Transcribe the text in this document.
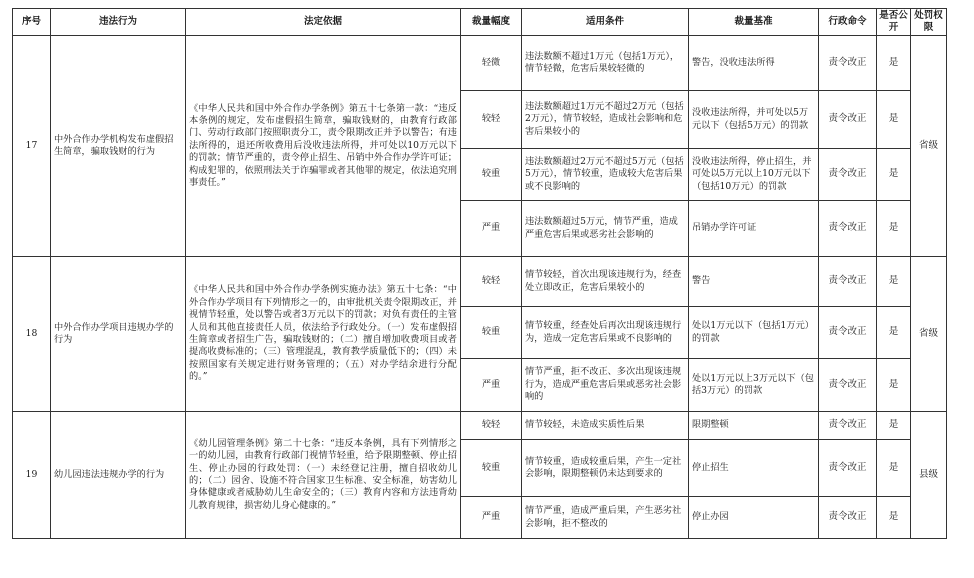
序号	违法行为	法定依据	裁量幅度	适用条件	裁量基准	行政命令	是否公开	处罚权限
17	中外合作办学机构发布虚假招生简章，骗取钱财的行为	《中华人民共和国中外合作办学条例》第五十七条第一款：“违反本条例的规定，发布虚假招生简章，骗取钱财的，由教育行政部门、劳动行政部门按照职责分工，责令限期改正并予以警告；有违法所得的，退还所收费用后没收违法所得，并可处以10万元以下的罚款；情节严重的，责令停止招生、吊销中外合作办学许可证；构成犯罪的，依照刑法关于诈骗罪或者其他罪的规定，依法追究刑事责任。”	轻微	违法数额不超过1万元（包括1万元），情节轻微，危害后果较轻微的	警告，没收违法所得	责令改正	是	省级
			较轻	违法数额超过1万元不超过2万元（包括2万元），情节较轻，造成社会影响和危害后果较小的	没收违法所得，并可处以5万元以下（包括5万元）的罚款	责令改正	是	
			较重	违法数额超过2万元不超过5万元（包括5万元），情节较重，造成较大危害后果或不良影响的	没收违法所得，停止招生，并可处以5万元以上10万元以下（包括10万元）的罚款	责令改正	是	
			严重	违法数额超过5万元，情节严重，造成严重危害后果或恶劣社会影响的	吊销办学许可证	责令改正	是	
18	中外合作办学项目违规办学的行为	《中华人民共和国中外合作办学条例实施办法》第五十七条：“中外合作办学项目有下列情形之一的，由审批机关责令限期改正，并视情节轻重，处以警告或者3万元以下的罚款；对负有责任的主管人员和其他直接责任人员，依法给予行政处分。（一）发布虚假招生简章或者招生广告，骗取钱财的；（二）擅自增加收费项目或者提高收费标准的；（三）管理混乱，教育教学质量低下的；（四）未按照国家有关规定进行财务管理的；（五）对办学结余进行分配的。”	较轻	情节较轻，首次出现该违规行为，经查处立即改正，危害后果较小的	警告	责令改正	是	省级
			较重	情节较重，经查处后再次出现该违规行为，造成一定危害后果或不良影响的	处以1万元以下（包括1万元）的罚款	责令改正	是	
			严重	情节严重，拒不改正、多次出现该违规行为，造成严重危害后果或恶劣社会影响的	处以1万元以上3万元以下（包括3万元）的罚款	责令改正	是	
19	幼儿园违法违规办学的行为	《幼儿园管理条例》第二十七条：“违反本条例，具有下列情形之一的幼儿园，由教育行政部门视情节轻重，给予限期整顿、停止招生、停止办园的行政处罚：（一）未经登记注册，擅自招收幼儿的；（二）园舍、设施不符合国家卫生标准、安全标准，妨害幼儿身体健康或者威胁幼儿生命安全的；（三）教育内容和方法违背幼儿教育规律，损害幼儿身心健康的。”	较轻	情节较轻，未造成实质性后果	限期整顿	责令改正	是	县级
			较重	情节较重，造成较重后果，产生一定社会影响，限期整顿仍未达到要求的	停止招生	责令改正	是	
			严重	情节严重，造成严重后果，产生恶劣社会影响，拒不整改的	停止办园	责令改正	是	
